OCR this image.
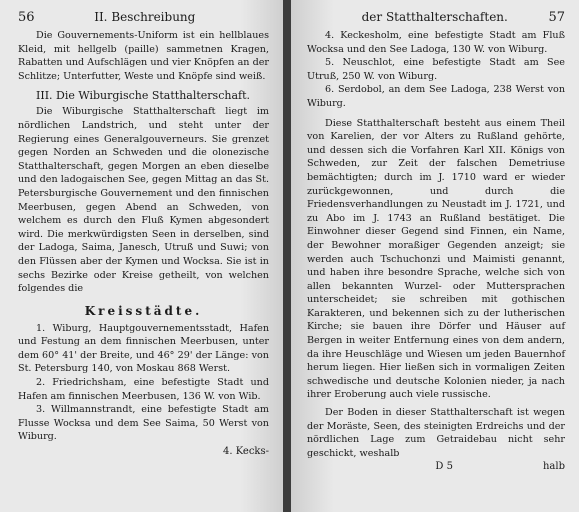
56	II. Beschreibung

Die Gouvernements-Uniform ist ein hellblaues Kleid, mit hellgelb (paille) sammetnen Kragen, Rabatten und Aufschlägen und vier Knöpfen an der Schlitze; Unterfutter, Weste und Knöpfe sind weiß.

III. Die Wiburgische Statthalterschaft.

Die Wiburgische Statthalterschaft liegt im nördlichen Landstrich, und steht unter der Regierung eines Generalgouverneurs. Sie grenzet gegen Norden an Schweden und die olonezische Statthalterschaft, gegen Morgen an eben dieselbe und den ladogaischen See, gegen Mittag an das St. Petersburgische Gouvernement und den finnischen Meerbusen, gegen Abend an Schweden, von welchem es durch den Fluß Kymen abgesondert wird. Die merkwürdigsten Seen in derselben, sind der Ladoga, Saima, Janesch, Utruß und Suwi; von den Flüssen aber der Kymen und Wocksa. Sie ist in sechs Bezirke oder Kreise getheilt, von welchen folgendes die

Kreisstädte.

1. Wiburg, Hauptgouvernementsstadt, Hafen und Festung an dem finnischen Meerbusen, unter dem 60° 41' der Breite, und 46° 29' der Länge: von St. Petersburg 140, von Moskau 868 Werst.

2. Friedrichsham, eine befestigte Stadt und Hafen am finnischen Meerbusen, 136 W. von Wib.

3. Willmannstrandt, eine befestigte Stadt am Flusse Wocksa und dem See Saima, 50 Werst von Wiburg.

4. Kecks-
der Statthalterschaften.	57

4. Keckesholm, eine befestigte Stadt am Fluß Wocksa und den See Ladoga, 130 W. von Wiburg.

5. Neuschlot, eine befestigte Stadt am See Utruß, 250 W. von Wiburg.

6. Serdobol, an dem See Ladoga, 238 Werst von Wiburg.

Diese Statthalterschaft besteht aus einem Theil von Karelien, der vor Alters zu Rußland gehörte, und dessen sich die Vorfahren Karl XII. Königs von Schweden, zur Zeit der falschen Demetriuse bemächtigten; durch im J. 1710 ward er wieder zurückgewonnen, und durch die Friedensverhandlungen zu Neustadt im J. 1721, und zu Abo im J. 1743 an Rußland bestätiget. Die Einwohner dieser Gegend sind Finnen, ein Name, der Bewohner moraßiger Gegenden anzeigt; sie werden auch Tschuchonzi und Maimisti genannt, und haben ihre besondre Sprache, welche sich von allen bekannten Wurzel- oder Muttersprachen unterscheidet; sie schreiben mit gothischen Karakteren, und bekennen sich zu der lutherischen Kirche; sie bauen ihre Dörfer und Häuser auf Bergen in weiter Entfernung eines von dem andern, da ihre Heuschläge und Wiesen um jeden Bauernhof herum liegen. Hier ließen sich in vormaligen Zeiten schwedische und deutsche Kolonien nieder, ja nach ihrer Eroberung auch viele russische.

Der Boden in dieser Statthalterschaft ist wegen der Moräste, Seen, des steinigten Erdreichs und der nördlichen Lage zum Getraidebau nicht sehr geschickt, weshalb

D 5	halb
